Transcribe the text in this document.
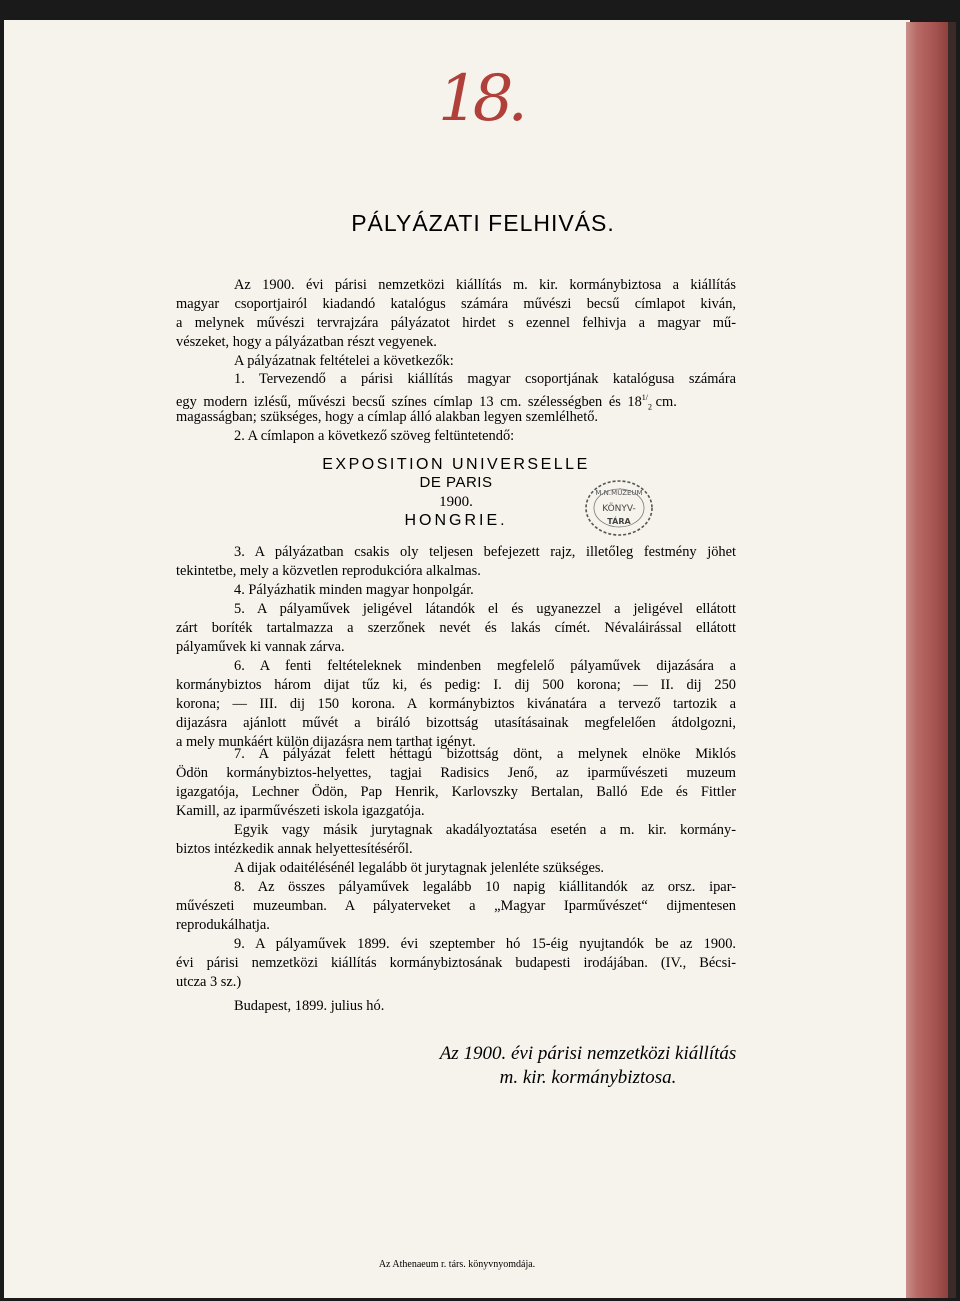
18.
PÁLYÁZATI FELHIVÁS.

Az 1900. évi párisi nemzetközi kiállítás m. kir. kormánybiztosa a kiállítás

magyar csoportjairól kiadandó katalógus számára művészi becsű címlapot kiván,

a melynek művészi tervrajzára pályázatot hirdet s ezennel felhivja a magyar mű-

vészeket, hogy a pályázatban részt vegyenek.

A pályázatnak feltételei a következők:

1. Tervezendő a párisi kiállítás magyar csoportjának katalógusa számára

egy modern izlésű, művészi becsű színes címlap 13 cm. szélességben és $18^{1/}_2$ cm.

magasságban; szükséges, hogy a címlap álló alakban legyen szemlélhető.

2. A címlapon a következő szöveg feltüntetendő:

EXPOSITION UNIVERSELLE
DE PARIS
1900.
HONGRIE.
M.N.MÚZEUM
KÖNYV-
TÁRA

3. A pályázatban csakis oly teljesen befejezett rajz, illetőleg festmény jöhet

tekintetbe, mely a közvetlen reprodukcióra alkalmas.

4. Pályázhatik minden magyar honpolgár.

5. A pályaművek jeligével látandók el és ugyanezzel a jeligével ellátott

zárt boríték tartalmazza a szerzőnek nevét és lakás címét. Névaláirással ellátott

pályaművek ki vannak zárva.

6. A fenti feltételeknek mindenben megfelelő pályaművek dijazására a

kormánybiztos három dijat tűz ki, és pedig: I. dij 500 korona; — II. dij 250

korona; — III. dij 150 korona. A kormánybiztos kivánatára a tervező tartozik a

dijazásra ajánlott művét a biráló bizottság utasításainak megfelelően átdolgozni,

a mely munkáért külön dijazásra nem tarthat igényt.

7. A pályázat felett héttagú bizottság dönt, a melynek elnöke Miklós

Ödön kormánybiztos-helyettes, tagjai Radisics Jenő, az iparművészeti muzeum

igazgatója, Lechner Ödön, Pap Henrik, Karlovszky Bertalan, Balló Ede és Fittler

Kamill, az iparművészeti iskola igazgatója.

Egyik vagy másik jurytagnak akadályoztatása esetén a m. kir. kormány-

biztos intézkedik annak helyettesítéséről.

A dijak odaitélésénél legalább öt jurytagnak jelenléte szükséges.

8. Az összes pályaművek legalább 10 napig kiállitandók az orsz. ipar-

művészeti muzeumban. A pályaterveket a „Magyar Iparművészet“ dijmentesen

reprodukálhatja.

9. A pályaművek 1899. évi szeptember hó 15-éig nyujtandók be az 1900.

évi párisi nemzetközi kiállítás kormánybiztosának budapesti irodájában. (IV., Bécsi-

utcza 3 sz.)

Budapest, 1899. julius hó.

Az 1900. évi párisi nemzetközi kiállítás
m. kir. kormánybiztosa.
Az Athenaeum r. társ. könyvnyomdája.
